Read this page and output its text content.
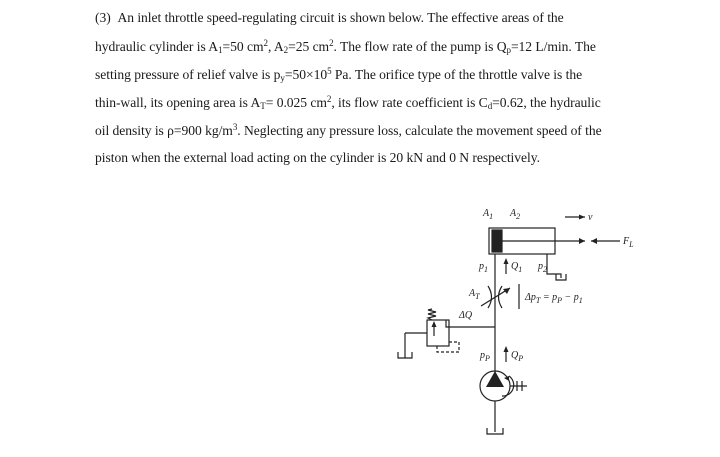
(3)  An inlet throttle speed-regulating circuit is shown below. The effective areas of the
hydraulic cylinder is $A_1=50$ $cm^2$, $A_2=25$ $cm^2$. The flow rate of the pump is $Q_p=12$ L/min. The
setting pressure of relief valve is $p_y=50\times 10^5$ Pa. The orifice type of the throttle valve is the
thin-wall, its opening area is $A_T= 0.025$ $cm^2$, its flow rate coefficient is $C_d=0.62$, the hydraulic
oil density is ρ=900 $kg/m^3$. Neglecting any pressure loss, calculate the movement speed of the
piston when the external load acting on the cylinder is 20 kN and 0 N respectively.
$A_1$ $A_2$	v
$F_L$
$p_1$ $Q_1$ $p_2$
$A_T$	$\Delta p_T = p_P - p_1$
ΔQ
$p_P$ $Q_P$
